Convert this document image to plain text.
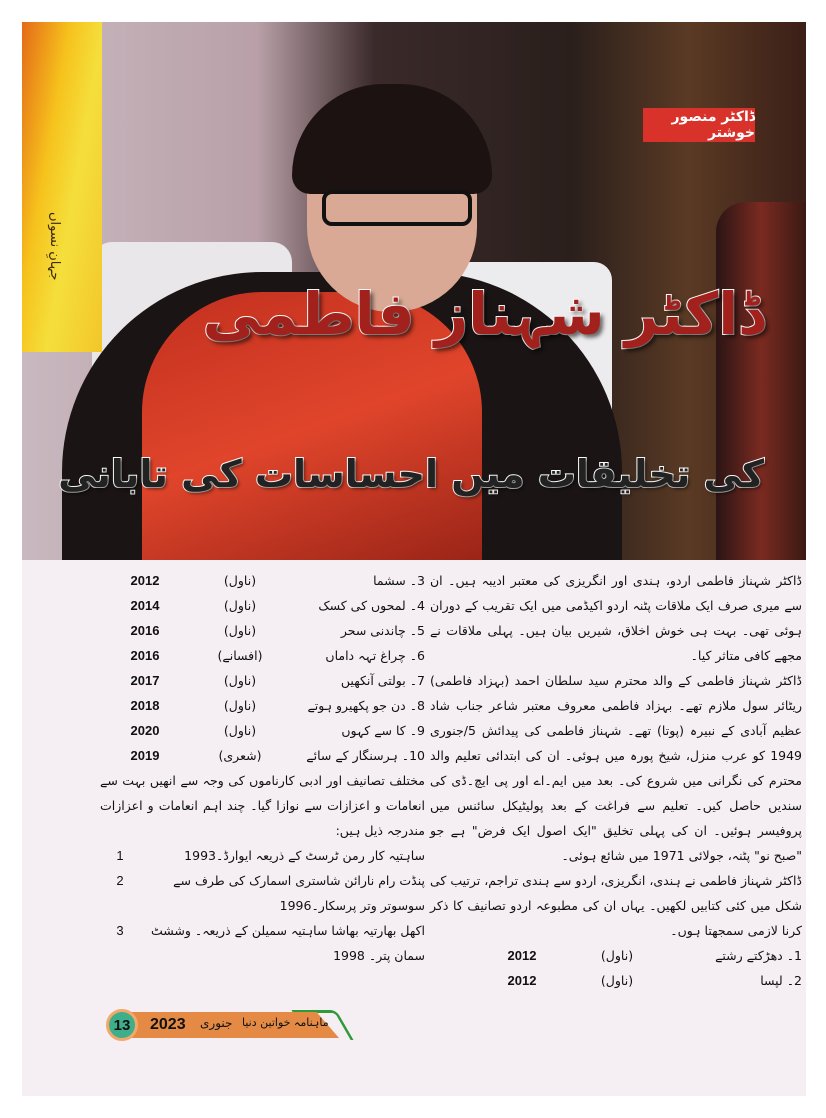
جہانِ نسواں
ڈاکٹر منصور خوشتر
ڈاکٹر شہناز فاطمی
کی تخلیقات میں احساسات کی تابانی

ڈاکٹر شہناز فاطمی اردو، ہندی اور انگریزی کی معتبر ادیبہ ہیں۔ ان سے میری صرف ایک ملاقات پٹنہ اردو اکیڈمی میں ایک تقریب کے دوران ہوئی تھی۔ بہت ہی خوش اخلاق، شیریں بیان ہیں۔ پہلی ملاقات نے مجھے کافی متاثر کیا۔

ڈاکٹر شہناز فاطمی کے والد محترم سید سلطان احمد (بہزاد فاطمی) ریٹائر سول ملازم تھے۔ بہزاد فاطمی معروف معتبر شاعر جناب شاد عظیم آبادی کے نبیرہ (پوتا) تھے۔ شہناز فاطمی کی پیدائش 5/جنوری 1949 کو عرب منزل، شیخ پورہ میں ہوئی۔ ان کی ابتدائی تعلیم والد محترم کی نگرانی میں شروع کی۔ بعد میں ایم۔اے اور پی ایچ۔ڈی کی سندیں حاصل کیں۔ تعلیم سے فراغت کے بعد پولیٹیکل سائنس میں پروفیسر ہوئیں۔ ان کی پہلی تخلیق "ایک اصول ایک فرض" ہے جو "صبح نو" پٹنہ، جولائی 1971 میں شائع ہوئی۔

ڈاکٹر شہناز فاطمی نے ہندی، انگریزی، اردو سے ہندی تراجم، ترتیب کی شکل میں کئی کتابیں لکھیں۔ یہاں ان کی مطبوعہ اردو تصانیف کا ذکر کرنا لازمی سمجھتا ہوں۔

1۔ دھڑکتے رشتے
(ناول)
2012
2۔ لپسا
(ناول)
2012
3۔ سشما
(ناول)
2012
4۔ لمحوں کی کسک
(ناول)
2014
5۔ چاندنی سحر
(ناول)
2016
6۔ چراغ تہہ داماں
(افسانے)
2016
7۔ بولتی آنکھیں
(ناول)
2017
8۔ دن جو پکھیرو ہوتے
(ناول)
2018
9۔ کا سے کہوں
(ناول)
2020
10۔ ہرسنگار کے سائے
(شعری)
2019

مختلف تصانیف اور ادبی کارناموں کی وجہ سے انھیں بہت سے انعامات و اعزازات سے نوازا گیا۔ چند اہم انعامات و اعزازات مندرجہ ذیل ہیں:

ساہتیہ کار رمن ٹرسٹ کے ذریعہ ایوارڈ۔1993
1
پنڈت رام نارائن شاستری اسمارک کی طرف سے سوسوتر وتر پرسکار۔1996
2
اکھل بھارتیہ بھاشا ساہتیہ سمیلن کے ذریعہ۔ وششٹ سمان پتر۔ 1998
3
13	2023 جنوری ماہنامہ خواتین دنیا
